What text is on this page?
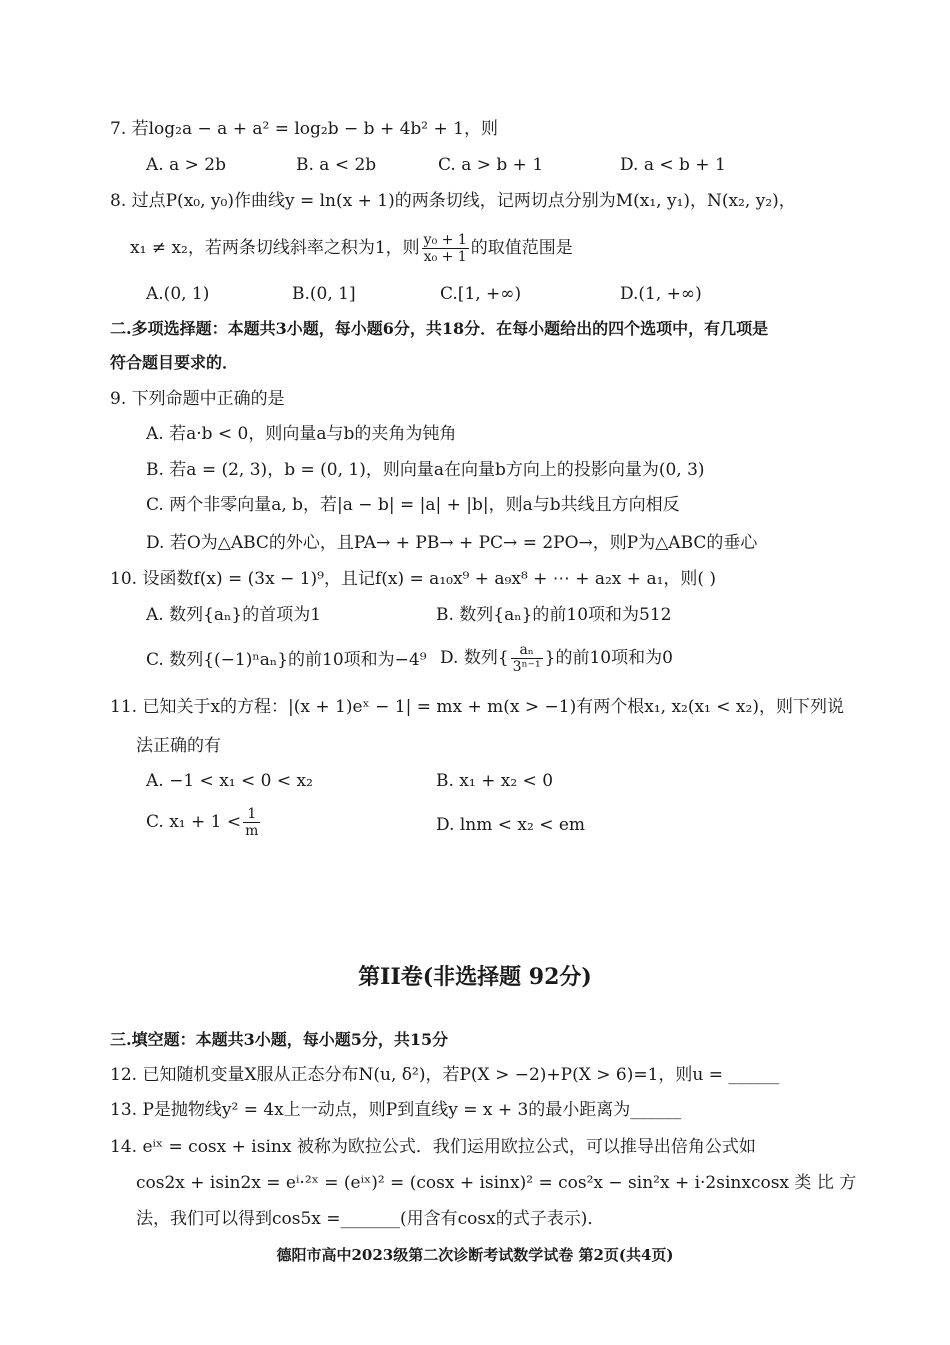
7. 若log₂a − a + a² = log₂b − b + 4b² + 1，则
A. a > 2b	B. a < 2b	C. a > b + 1	D. a < b + 1
8. 过点P(x₀, y₀)作曲线y = ln(x + 1)的两条切线，记两切点分别为M(x₁, y₁)，N(x₂, y₂)，
x₁ ≠ x₂，若两条切线斜率之积为1，则 $\frac{\text{y₀ + 1}}{\text{x₀ + 1}}$ 的取值范围是
A.(0, 1)	B.(0, 1]	C.[1, +∞)	D.(1, +∞)
二.多项选择题：本题共3小题，每小题6分，共18分．在每小题给出的四个选项中，有几项是
符合题目要求的．
9. 下列命题中正确的是
A. 若a·b < 0，则向量a与b的夹角为钝角
B. 若a = (2, 3)，b = (0, 1)，则向量a在向量b方向上的投影向量为(0, 3)
C. 两个非零向量a, b，若|a − b| = |a| + |b|，则a与b共线且方向相反
D. 若O为△ABC的外心，且PA→ + PB→ + PC→ = 2PO→，则P为△ABC的垂心
10. 设函数f(x) = (3x − 1)⁹，且记f(x) = a₁₀x⁹ + a₉x⁸ + ⋯ + a₂x + a₁，则( )
A. 数列{aₙ}的首项为1	B. 数列{aₙ}的前10项和为512
C. 数列{(−1)ⁿaₙ}的前10项和为−4⁹ D. 数列{ $\frac{\text{aₙ}}{\text{3ⁿ⁻¹}}$ }的前10项和为0
11. 已知关于x的方程：|(x + 1)eˣ − 1| = mx + m(x > −1)有两个根x₁, x₂(x₁ < x₂)，则下列说
法正确的有
A. −1 < x₁ < 0 < x₂	B. x₁ + x₂ < 0
C. $x_1 + 1 < \frac{1}{m}$	D. lnm < x₂ < em
第II卷(非选择题 92分)
三.填空题：本题共3小题，每小题5分，共15分
12. 已知随机变量X服从正态分布N(u, δ²)，若P(X > −2)+P(X > 6)=1，则u = ______
13. P是抛物线y² = 4x上一动点，则P到直线y = x + 3的最小距离为______
14. eⁱˣ = cosx + isinx 被称为欧拉公式．我们运用欧拉公式，可以推导出倍角公式如
cos2x + isin2x = eⁱ·²ˣ = (eⁱˣ)² = (cosx + isinx)² = cos²x − sin²x + i·2sinxcosx 类 比 方
法，我们可以得到cos5x =_______(用含有cosx的式子表示)．
德阳市高中2023级第二次诊断考试数学试卷 第2页(共4页)
